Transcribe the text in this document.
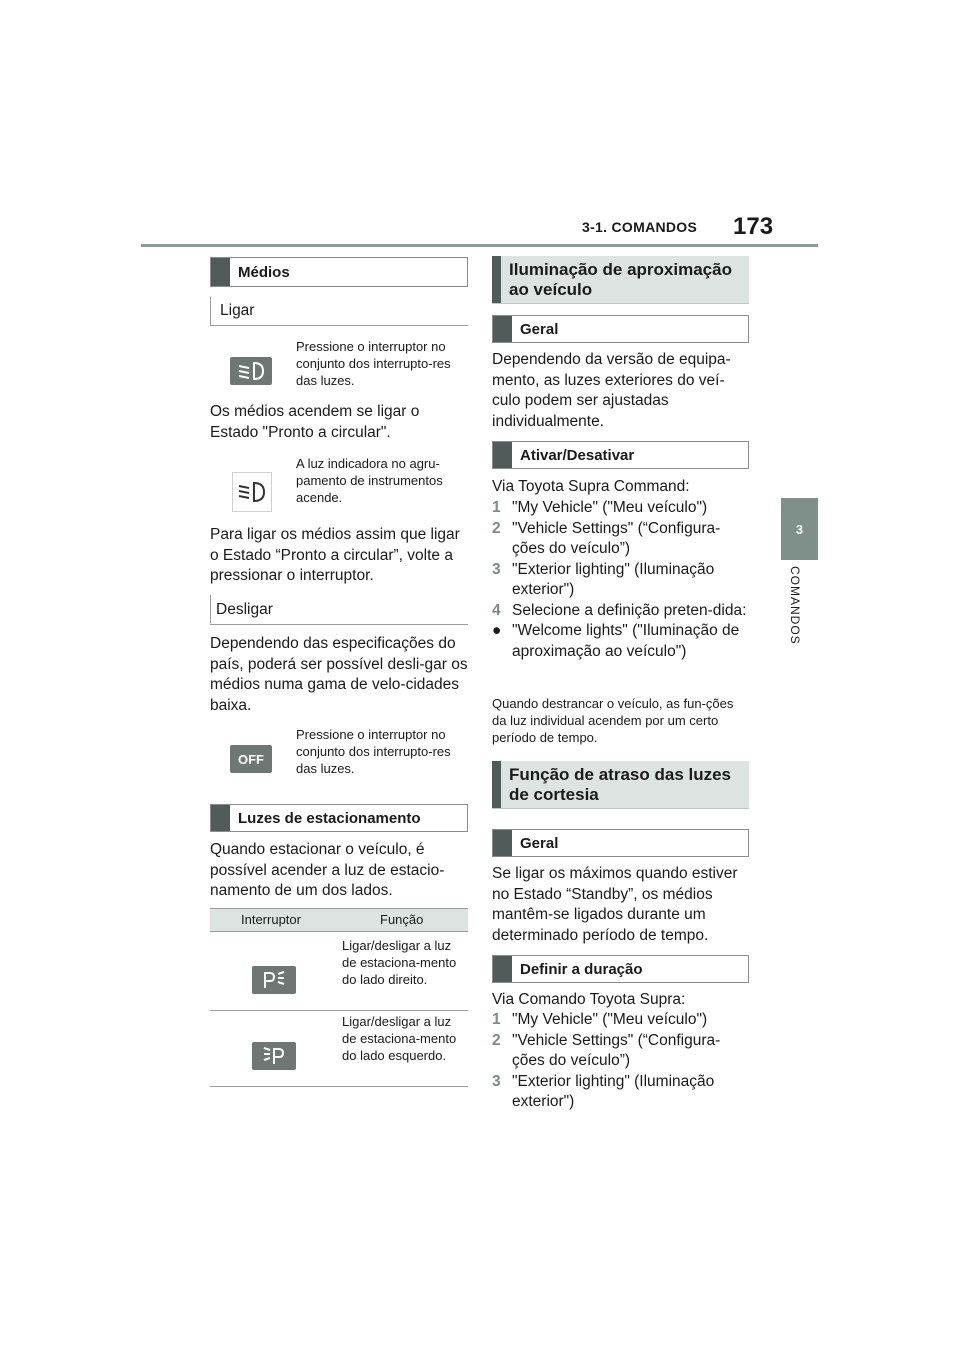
3-1. COMANDOS 173
3
COMANDOS
Médios
Ligar
Pressione o interruptor no conjunto dos interrupto-res das luzes.
Os médios acendem se ligar o Estado "Pronto a circular".
A luz indicadora no agru-pamento de instrumentos acende.
Para ligar os médios assim que ligar o Estado “Pronto a circular”, volte a pressionar o interruptor.
Desligar
Dependendo das especificações do país, poderá ser possível desli-gar os médios numa gama de velo-cidades baixa.
OFF
Pressione o interruptor no conjunto dos interrupto-res das luzes.
Luzes de estacionamento
Quando estacionar o veículo, é possível acender a luz de estacio-namento de um dos lados.
Interruptor	Função
Ligar/desligar a luz de estaciona-mento do lado direito.
Ligar/desligar a luz de estaciona-mento do lado esquerdo.
Iluminação de aproximação ao veículo
Geral
Dependendo da versão de equipa-mento, as luzes exteriores do veí-culo podem ser ajustadas individualmente.
Ativar/Desativar
Via Toyota Supra Command:
1 "My Vehicle" ("Meu veículo")
2 "Vehicle Settings" (“Configura-ções do veículo”)
3 "Exterior lighting" (Iluminação exterior")
4 Selecione a definição preten-dida:
● "Welcome lights" ("Iluminação de aproximação ao veículo")
Quando destrancar o veículo, as fun-ções da luz individual acendem por um certo período de tempo.
Função de atraso das luzes de cortesia
Geral
Se ligar os máximos quando estiver no Estado “Standby”, os médios mantêm-se ligados durante um determinado período de tempo.
Definir a duração
Via Comando Toyota Supra:
1 "My Vehicle" ("Meu veículo")
2 "Vehicle Settings" (“Configura-ções do veículo”)
3 "Exterior lighting" (Iluminação exterior")
